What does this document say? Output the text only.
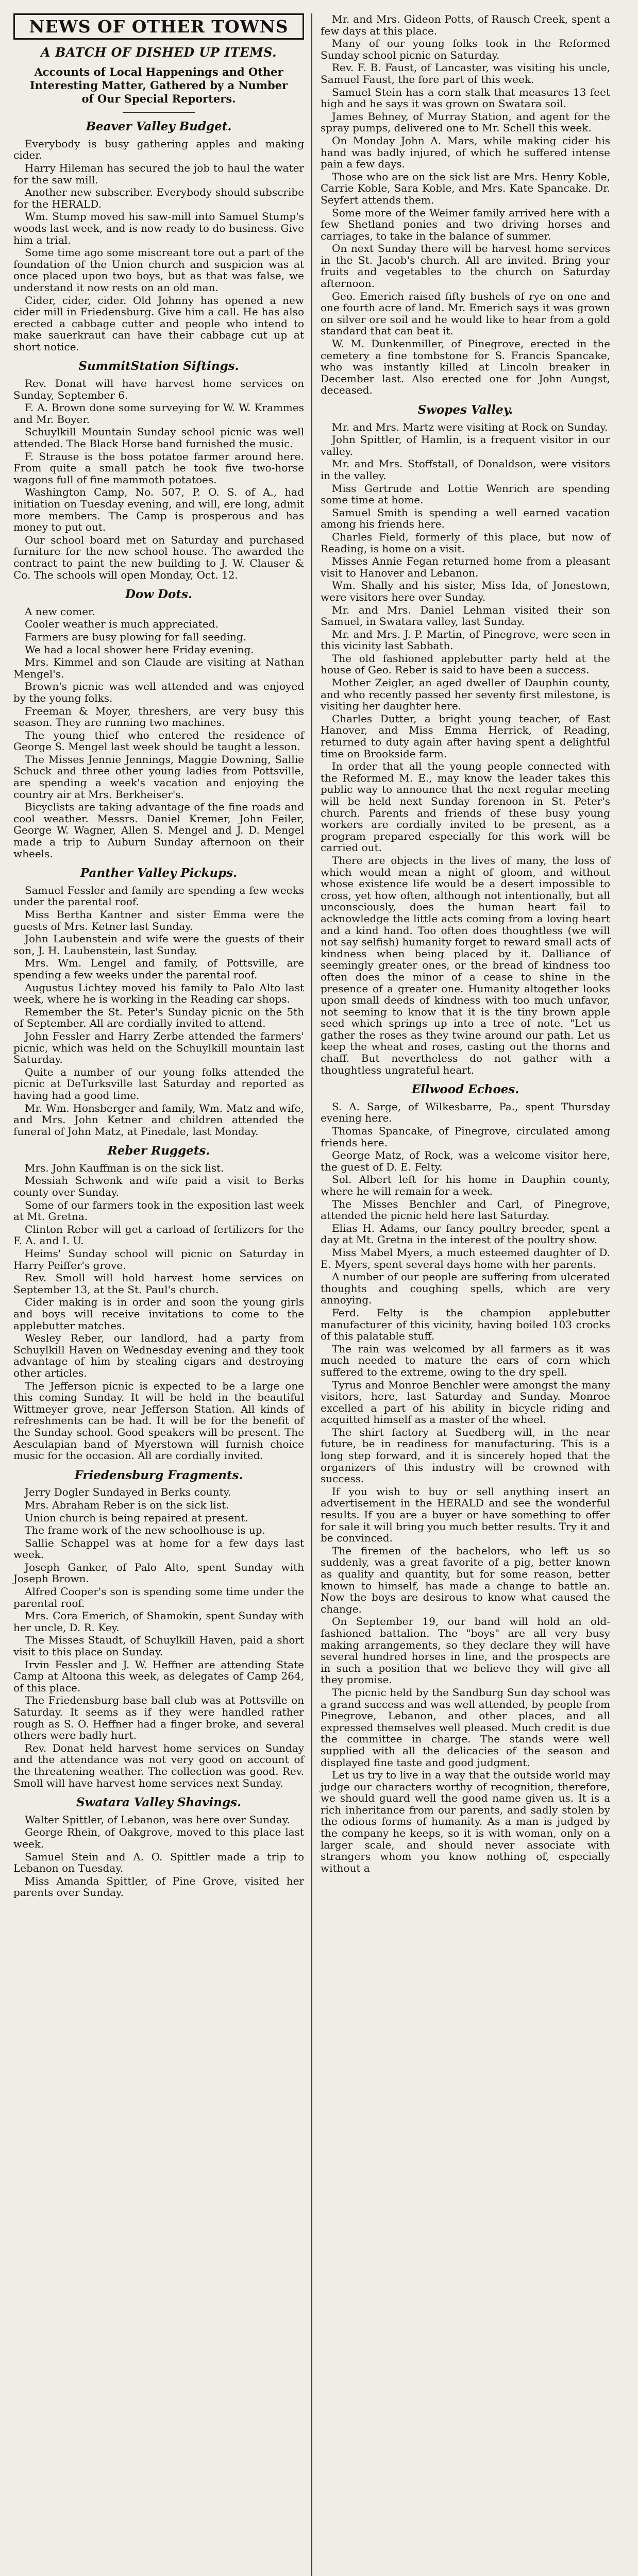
NEWS OF OTHER TOWNS
A BATCH OF DISHED UP ITEMS.
Accounts of Local Happenings and Other Interesting Matter, Gathered by a Number of Our Special Reporters.
Beaver Valley Budget.

Everybody is busy gathering apples and making cider.

Harry Hileman has secured the job to haul the water for the saw mill.

Another new subscriber. Everybody should subscribe for the HERALD.

Wm. Stump moved his saw-mill into Samuel Stump's woods last week, and is now ready to do business. Give him a trial.

Some time ago some miscreant tore out a part of the foundation of the Union church and suspicion was at once placed upon two boys, but as that was false, we understand it now rests on an old man.

Cider, cider, cider. Old Johnny has opened a new cider mill in Friedensburg. Give him a call. He has also erected a cabbage cutter and people who intend to make sauerkraut can have their cabbage cut up at short notice.

SummitStation Siftings.

Rev. Donat will have harvest home services on Sunday, September 6.

F. A. Brown done some surveying for W. W. Krammes and Mr. Boyer.

Schuylkill Mountain Sunday school picnic was well attended. The Black Horse band furnished the music.

F. Strause is the boss potatoe farmer around here. From quite a small patch he took five two-horse wagons full of fine mammoth potatoes.

Washington Camp, No. 507, P. O. S. of A., had initiation on Tuesday evening, and will, ere long, admit more members. The Camp is prosperous and has money to put out.

Our school board met on Saturday and purchased furniture for the new school house. The awarded the contract to paint the new building to J. W. Clauser & Co. The schools will open Monday, Oct. 12.

Dow Dots.

A new comer.

Cooler weather is much appreciated.

Farmers are busy plowing for fall seeding.

We had a local shower here Friday evening.

Mrs. Kimmel and son Claude are visiting at Nathan Mengel's.

Brown's picnic was well attended and was enjoyed by the young folks.

Freeman & Moyer, threshers, are very busy this season. They are running two machines.

The young thief who entered the residence of George S. Mengel last week should be taught a lesson.

The Misses Jennie Jennings, Maggie Downing, Sallie Schuck and three other young ladies from Pottsville, are spending a week's vacation and enjoying the country air at Mrs. Berkheiser's.

Bicyclists are taking advantage of the fine roads and cool weather. Messrs. Daniel Kremer, John Feiler, George W. Wagner, Allen S. Mengel and J. D. Mengel made a trip to Auburn Sunday afternoon on their wheels.

Panther Valley Pickups.

Samuel Fessler and family are spending a few weeks under the parental roof.

Miss Bertha Kantner and sister Emma were the guests of Mrs. Ketner last Sunday.

John Laubenstein and wife were the guests of their son, J. H. Laubenstein, last Sunday.

Mrs. Wm. Lengel and family, of Pottsville, are spending a few weeks under the parental roof.

Augustus Lichtey moved his family to Palo Alto last week, where he is working in the Reading car shops.

Remember the St. Peter's Sunday picnic on the 5th of September. All are cordially invited to attend.

John Fessler and Harry Zerbe attended the farmers' picnic, which was held on the Schuylkill mountain last Saturday.

Quite a number of our young folks attended the picnic at DeTurksville last Saturday and reported as having had a good time.

Mr. Wm. Honsberger and family, Wm. Matz and wife, and Mrs. John Ketner and children attended the funeral of John Matz, at Pinedale, last Monday.

Reber Ruggets.

Mrs. John Kauffman is on the sick list.

Messiah Schwenk and wife paid a visit to Berks county over Sunday.

Some of our farmers took in the exposition last week at Mt. Gretna.

Clinton Reber will get a carload of fertilizers for the F. A. and I. U.

Heims' Sunday school will picnic on Saturday in Harry Peiffer's grove.

Rev. Smoll will hold harvest home services on September 13, at the St. Paul's church.

Cider making is in order and soon the young girls and boys will receive invitations to come to the applebutter matches.

Wesley Reber, our landlord, had a party from Schuylkill Haven on Wednesday evening and they took advantage of him by stealing cigars and destroying other articles.

The Jefferson picnic is expected to be a large one this coming Sunday. It will be held in the beautiful Wittmeyer grove, near Jefferson Station. All kinds of refreshments can be had. It will be for the benefit of the Sunday school. Good speakers will be present. The Aesculapian band of Myerstown will furnish choice music for the occasion. All are cordially invited.

Friedensburg Fragments.

Jerry Dogler Sundayed in Berks county.

Mrs. Abraham Reber is on the sick list.

Union church is being repaired at present.

The frame work of the new schoolhouse is up.

Sallie Schappel was at home for a few days last week.

Joseph Ganker, of Palo Alto, spent Sunday with Joseph Brown.

Alfred Cooper's son is spending some time under the parental roof.

Mrs. Cora Emerich, of Shamokin, spent Sunday with her uncle, D. R. Key.

The Misses Staudt, of Schuylkill Haven, paid a short visit to this place on Sunday.

Irvin Fessler and J. W. Heffner are attending State Camp at Altoona this week, as delegates of Camp 264, of this place.

The Friedensburg base ball club was at Pottsville on Saturday. It seems as if they were handled rather rough as S. O. Heffner had a finger broke, and several others were badly hurt.

Rev. Donat held harvest home services on Sunday and the attendance was not very good on account of the threatening weather. The collection was good. Rev. Smoll will have harvest home services next Sunday.

Swatara Valley Shavings.

Walter Spittler, of Lebanon, was here over Sunday.

George Rhein, of Oakgrove, moved to this place last week.

Samuel Stein and A. O. Spittler made a trip to Lebanon on Tuesday.

Miss Amanda Spittler, of Pine Grove, visited her parents over Sunday.

Mr. and Mrs. Gideon Potts, of Rausch Creek, spent a few days at this place.

Many of our young folks took in the Reformed Sunday school picnic on Saturday.

Rev. F. B. Faust, of Lancaster, was visiting his uncle, Samuel Faust, the fore part of this week.

Samuel Stein has a corn stalk that measures 13 feet high and he says it was grown on Swatara soil.

James Behney, of Murray Station, and agent for the spray pumps, delivered one to Mr. Schell this week.

On Monday John A. Mars, while making cider his hand was badly injured, of which he suffered intense pain a few days.

Those who are on the sick list are Mrs. Henry Koble, Carrie Koble, Sara Koble, and Mrs. Kate Spancake. Dr. Seyfert attends them.

Some more of the Weimer family arrived here with a few Shetland ponies and two driving horses and carriages, to take in the balance of summer.

On next Sunday there will be harvest home services in the St. Jacob's church. All are invited. Bring your fruits and vegetables to the church on Saturday afternoon.

Geo. Emerich raised fifty bushels of rye on one and one fourth acre of land. Mr. Emerich says it was grown on silver ore soil and he would like to hear from a gold standard that can beat it.

W. M. Dunkenmiller, of Pinegrove, erected in the cemetery a fine tombstone for S. Francis Spancake, who was instantly killed at Lincoln breaker in December last. Also erected one for John Aungst, deceased.

Swopes Valley.

Mr. and Mrs. Martz were visiting at Rock on Sunday.

John Spittler, of Hamlin, is a frequent visitor in our valley.

Mr. and Mrs. Stoffstall, of Donaldson, were visitors in the valley.

Miss Gertrude and Lottie Wenrich are spending some time at home.

Samuel Smith is spending a well earned vacation among his friends here.

Charles Field, formerly of this place, but now of Reading, is home on a visit.

Misses Annie Fegan returned home from a pleasant visit to Hanover and Lebanon.

Wm. Shally and his sister, Miss Ida, of Jonestown, were visitors here over Sunday.

Mr. and Mrs. Daniel Lehman visited their son Samuel, in Swatara valley, last Sunday.

Mr. and Mrs. J. P. Martin, of Pinegrove, were seen in this vicinity last Sabbath.

The old fashioned applebutter party held at the house of Geo. Reber is said to have been a success.

Mother Zeigler, an aged dweller of Dauphin county, and who recently passed her seventy first milestone, is visiting her daughter here.

Charles Dutter, a bright young teacher, of East Hanover, and Miss Emma Herrick, of Reading, returned to duty again after having spent a delightful time on Brookside farm.

In order that all the young people connected with the Reformed M. E., may know the leader takes this public way to announce that the next regular meeting will be held next Sunday forenoon in St. Peter's church. Parents and friends of these busy young workers are cordially invited to be present, as a program prepared especially for this work will be carried out.

There are objects in the lives of many, the loss of which would mean a night of gloom, and without whose existence life would be a desert impossible to cross, yet how often, although not intentionally, but all unconsciously, does the human heart fail to acknowledge the little acts coming from a loving heart and a kind hand. Too often does thoughtless (we will not say selfish) humanity forget to reward small acts of kindness when being placed by it. Dalliance of seemingly greater ones, or the bread of kindness too often does the minor of a cease to shine in the presence of a greater one. Humanity altogether looks upon small deeds of kindness with too much unfavor, not seeming to know that it is the tiny brown apple seed which springs up into a tree of note. "Let us gather the roses as they twine around our path. Let us keep the wheat and roses, casting out the thorns and chaff. But nevertheless do not gather with a thoughtless ungrateful heart.

Ellwood Echoes.

S. A. Sarge, of Wilkesbarre, Pa., spent Thursday evening here.

Thomas Spancake, of Pinegrove, circulated among friends here.

George Matz, of Rock, was a welcome visitor here, the guest of D. E. Felty.

Sol. Albert left for his home in Dauphin county, where he will remain for a week.

The Misses Benchler and Carl, of Pinegrove, attended the picnic held here last Saturday.

Elias H. Adams, our fancy poultry breeder, spent a day at Mt. Gretna in the interest of the poultry show.

Miss Mabel Myers, a much esteemed daughter of D. E. Myers, spent several days home with her parents.

A number of our people are suffering from ulcerated thoughts and coughing spells, which are very annoying.

Ferd. Felty is the champion applebutter manufacturer of this vicinity, having boiled 103 crocks of this palatable stuff.

The rain was welcomed by all farmers as it was much needed to mature the ears of corn which suffered to the extreme, owing to the dry spell.

Tyrus and Monroe Benchler were amongst the many visitors, here, last Saturday and Sunday. Monroe excelled a part of his ability in bicycle riding and acquitted himself as a master of the wheel.

The shirt factory at Suedberg will, in the near future, be in readiness for manufacturing. This is a long step forward, and it is sincerely hoped that the organizers of this industry will be crowned with success.

If you wish to buy or sell anything insert an advertisement in the HERALD and see the wonderful results. If you are a buyer or have something to offer for sale it will bring you much better results. Try it and be convinced.

The firemen of the bachelors, who left us so suddenly, was a great favorite of a pig, better known as quality and quantity, but for some reason, better known to himself, has made a change to battle an. Now the boys are desirous to know what caused the change.

On September 19, our band will hold an old-fashioned battalion. The "boys" are all very busy making arrangements, so they declare they will have several hundred horses in line, and the prospects are in such a position that we believe they will give all they promise.

The picnic held by the Sandburg Sun day school was a grand success and was well attended, by people from Pinegrove, Lebanon, and other places, and all expressed themselves well pleased. Much credit is due the committee in charge. The stands were well supplied with all the delicacies of the season and displayed fine taste and good judgment.

Let us try to live in a way that the outside world may judge our characters worthy of recognition, therefore, we should guard well the good name given us. It is a rich inheritance from our parents, and sadly stolen by the odious forms of humanity. As a man is judged by the company he keeps, so it is with woman, only on a larger scale, and should never associate with strangers whom you know nothing of, especially without a
